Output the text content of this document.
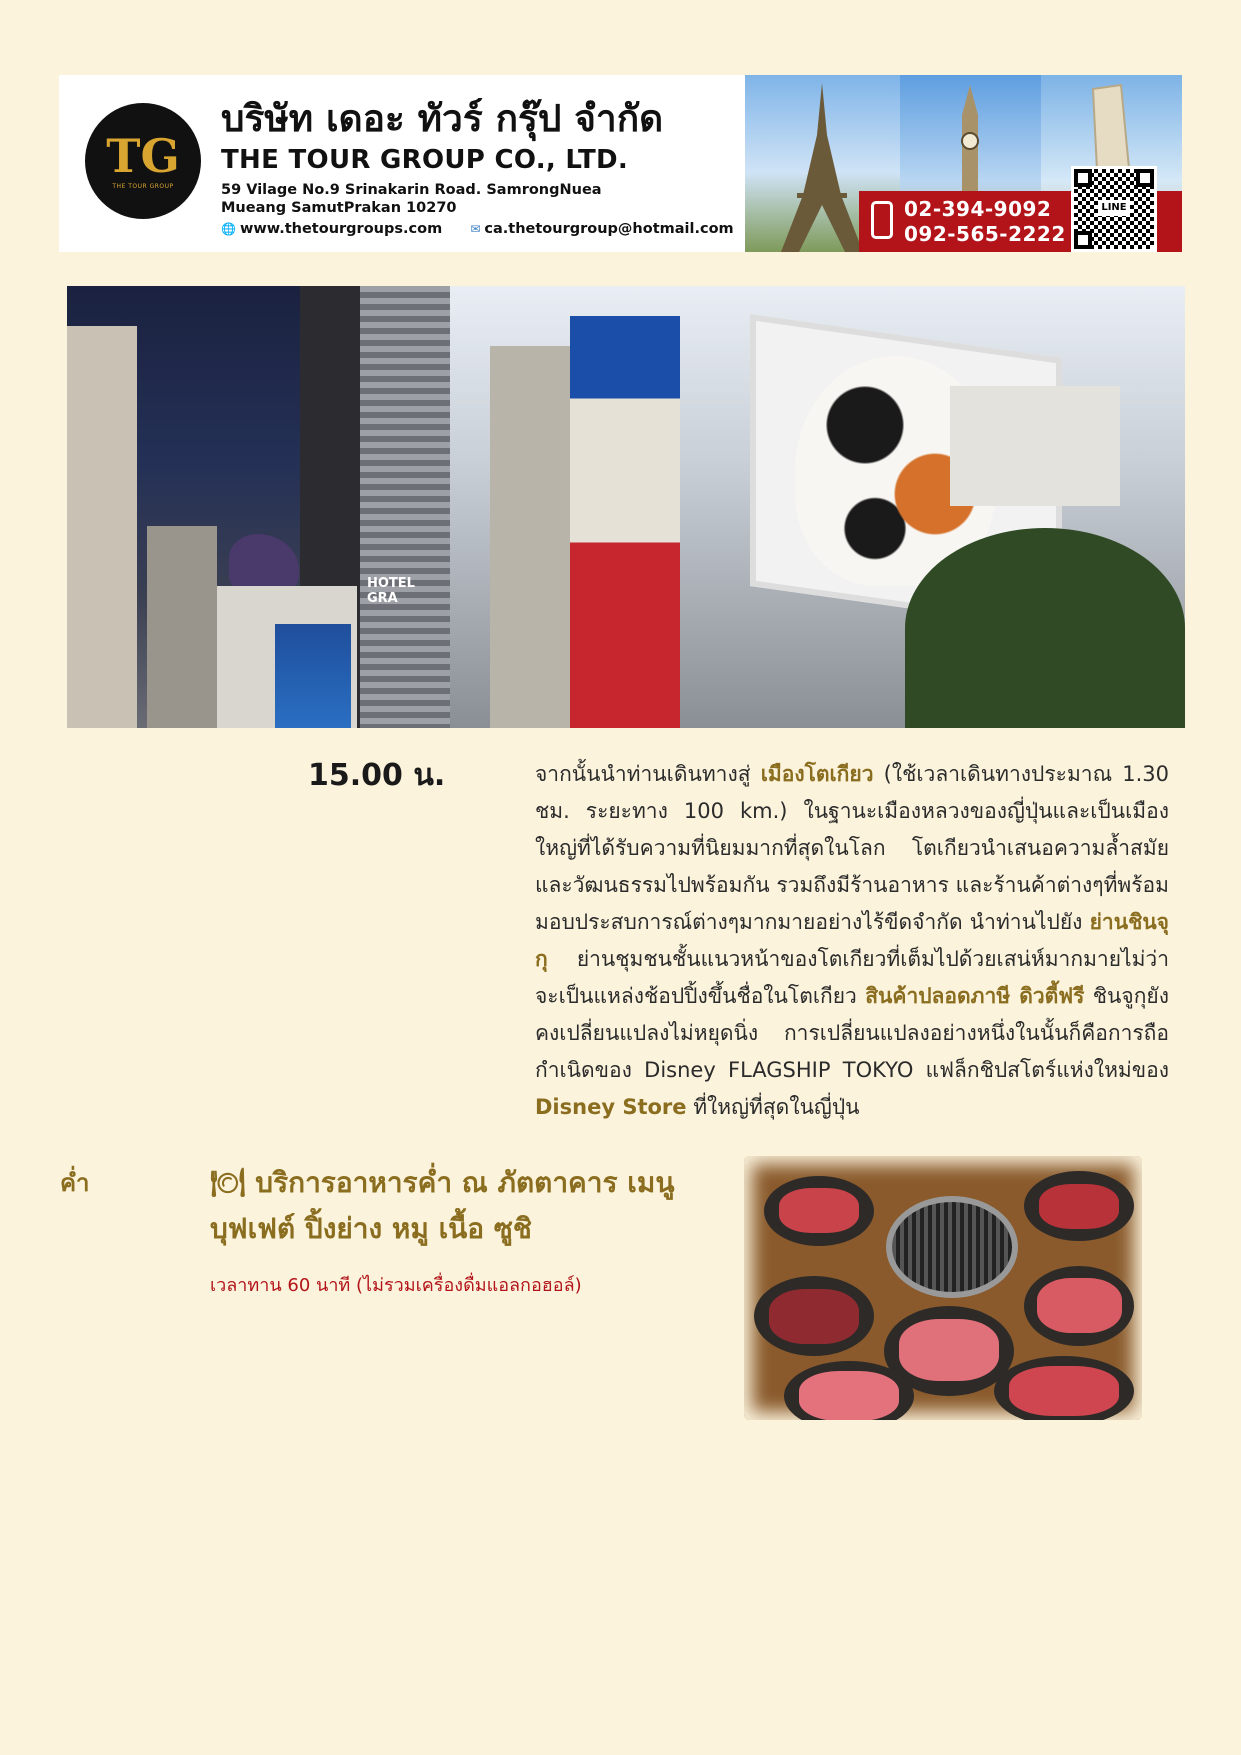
TG
THE TOUR GROUP
บริษัท เดอะ ทัวร์ กรุ๊ป จำกัด
THE TOUR GROUP CO., LTD.
59 Vilage No.9 Srinakarin Road. SamrongNuea
Mueang SamutPrakan 10270
🌐 www.thetourgroups.com ✉ ca.thetourgroup@hotmail.com
02-394-9092
092-565-2222
LINE
HOTEL GRA
15.00 น.	จากนั้นนำท่านเดินทางสู่ เมืองโตเกียว (ใช้เวลาเดินทางประมาณ 1.30 ชม. ระยะทาง 100 km.) ในฐานะเมืองหลวงของญี่ปุ่นและเป็นเมืองใหญ่ที่ได้รับความที่นิยมมากที่สุดในโลก โตเกียวนำเสนอความล้ำสมัยและวัฒนธรรมไปพร้อมกัน รวมถึงมีร้านอาหาร และร้านค้าต่างๆที่พร้อมมอบประสบการณ์ต่างๆมากมายอย่างไร้ขีดจำกัด นำท่านไปยัง ย่านชินจุกุ ย่านชุมชนชั้นแนวหน้าของโตเกียวที่เต็มไปด้วยเสน่ห์มากมายไม่ว่าจะเป็นแหล่งช้อปปิ้งขึ้นชื่อในโตเกียว สินค้าปลอดภาษี ดิวตี้ฟรี ชินจูกุยังคงเปลี่ยนแปลงไม่หยุดนิ่ง การเปลี่ยนแปลงอย่างหนึ่งในนั้นก็คือการถือกำเนิดของ Disney FLAGSHIP TOKYO แฟล็กชิปสโตร์แห่งใหม่ของ Disney Store ที่ใหญ่ที่สุดในญี่ปุ่น
ค่ำ	🍽 บริการอาหารค่ำ ณ ภัตตาคาร เมนูบุฟเฟต์ ปิ้งย่าง หมู เนื้อ ซูชิ
เวลาทาน 60 นาที (ไม่รวมเครื่องดื่มแอลกอฮอล์)
